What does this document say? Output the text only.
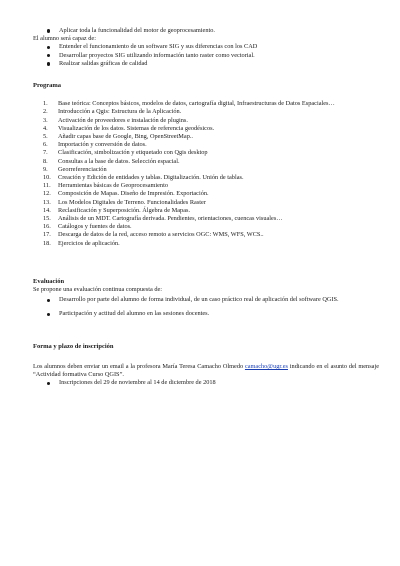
Aplicar toda la funcionalidad del motor de geoprocesamiento.

El alumno será capaz de:

Entender el funcionamiento de un software SIG y sus diferencias con los CAD
Desarrollar proyectos SIG utilizando información tanto raster como vectorial.
Realizar salidas gráficas de calidad
Programa
1.	Base teórica: Conceptos básicos, modelos de datos, cartografía digital, Infraestructuras de Datos Espaciales…
2.	Introducción a Qgis: Estructura de la Aplicación.
3.	Activación de proveedores e instalación de plugins.
4.	Visualización de los datos. Sistemas de referencia geodésicos.
5.	Añadir capas base de Google, Bing, OpenStreetMap..
6.	Importación y conversión de datos.
7.	Clasificación, simbolización y etiquetado con Qgis desktop
8.	Consultas a la base de datos. Selección espacial.
9.	Georreferenciación
10.	Creación y Edición de entidades y tablas. Digitalización. Unión de tablas.
11.	Herramientas básicas de Geoprocesamiento
12.	Composición de Mapas. Diseño de Impresión. Exportación.
13.	Los Modelos Digitales de Terreno. Funcionalidades Raster
14.	Reclasificación y Superposición. Álgebra de Mapas.
15.	Análisis de un MDT. Cartografía derivada. Pendientes, orientaciones, cuencas visuales…
16.	Catálogos y fuentes de datos.
17.	Descarga de datos de la red, acceso remoto a servicios OGC: WMS, WFS, WCS..
18.	Ejercicios de aplicación.
Evaluación

Se propone una evaluación continua compuesta de:

Desarrollo por parte del alumno de forma individual, de un caso práctico real de aplicación del software QGIS.
Participación y actitud del alumno en las sesiones docentes.
Forma y plazo de inscripción

Los alumnos deben enviar un email a la profesora María Teresa Camacho Olmedo camacho@ugr.es indicando en el asunto del mensaje “Actividad formativa Curso QGIS”.

Inscripciones del 29 de noviembre al 14 de diciembre de 2018
